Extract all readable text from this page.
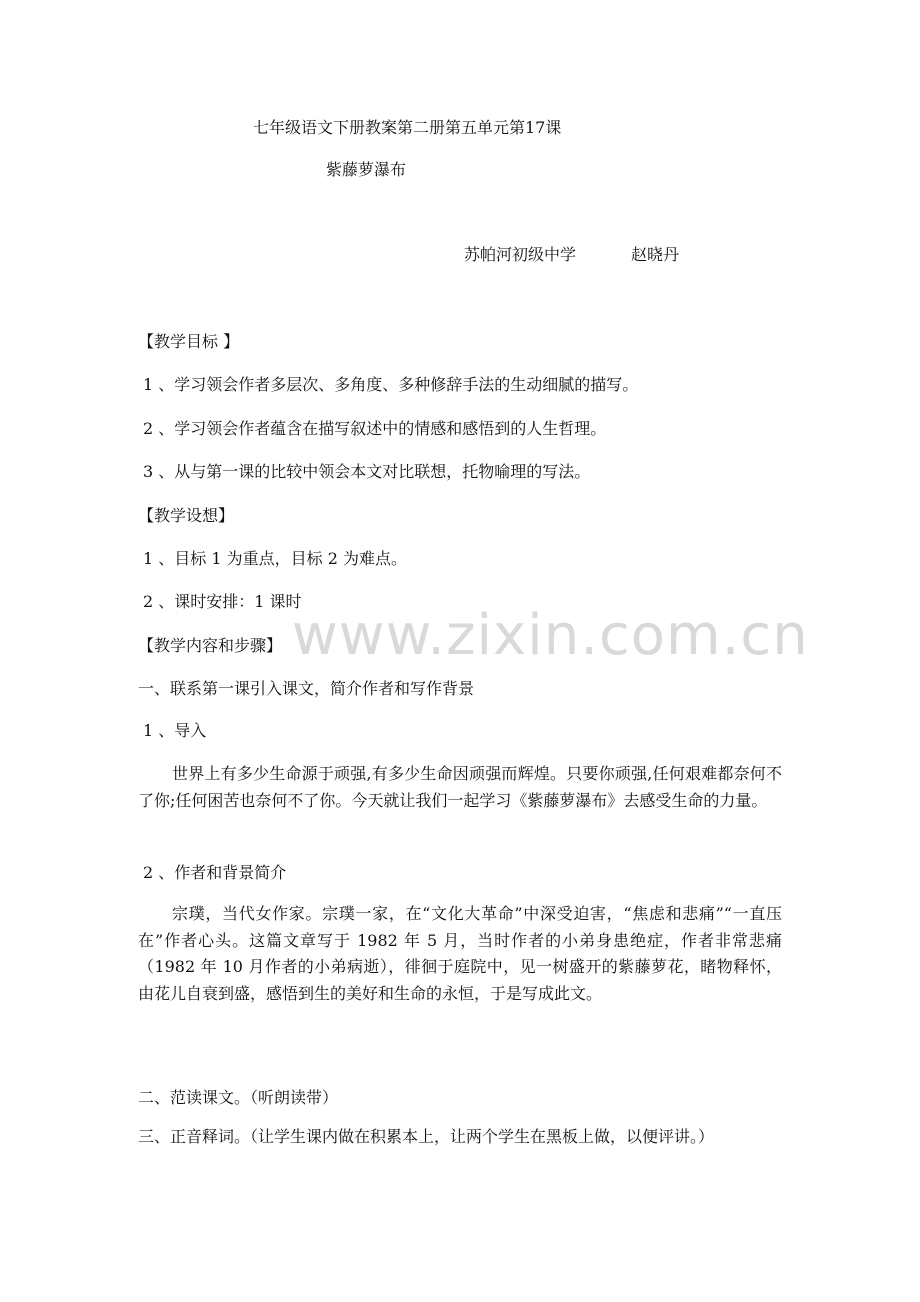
七年级语文下册教案第二册第五单元第17课
紫藤萝瀑布
苏帕河初级中学	赵晓丹
【教学目标 】
1 、学习领会作者多层次、多角度、多种修辞手法的生动细腻的描写。
2 、学习领会作者蕴含在描写叙述中的情感和感悟到的人生哲理。
3 、从与第一课的比较中领会本文对比联想，托物喻理的写法。
【教学设想】
1 、目标 1 为重点，目标 2 为难点。
2 、课时安排：1 课时
www.zixin.com.cn
【教学内容和步骤】
一、联系第一课引入课文，简介作者和写作背景
1 、导入
世界上有多少生命源于顽强,有多少生命因顽强而辉煌。只要你顽强,任何艰难都奈何不了你;任何困苦也奈何不了你。今天就让我们一起学习《紫藤萝瀑布》去感受生命的力量。
2 、作者和背景简介
宗璞，当代女作家。宗璞一家，在“文化大革命”中深受迫害，“焦虑和悲痛”“一直压在”作者心头。这篇文章写于 1982 年 5 月，当时作者的小弟身患绝症，作者非常悲痛（1982 年 10 月作者的小弟病逝），徘徊于庭院中，见一树盛开的紫藤萝花，睹物释怀，由花儿自衰到盛，感悟到生的美好和生命的永恒，于是写成此文。
二、范读课文。（听朗读带）
三、正音释词。（让学生课内做在积累本上，让两个学生在黑板上做，以便评讲。）
